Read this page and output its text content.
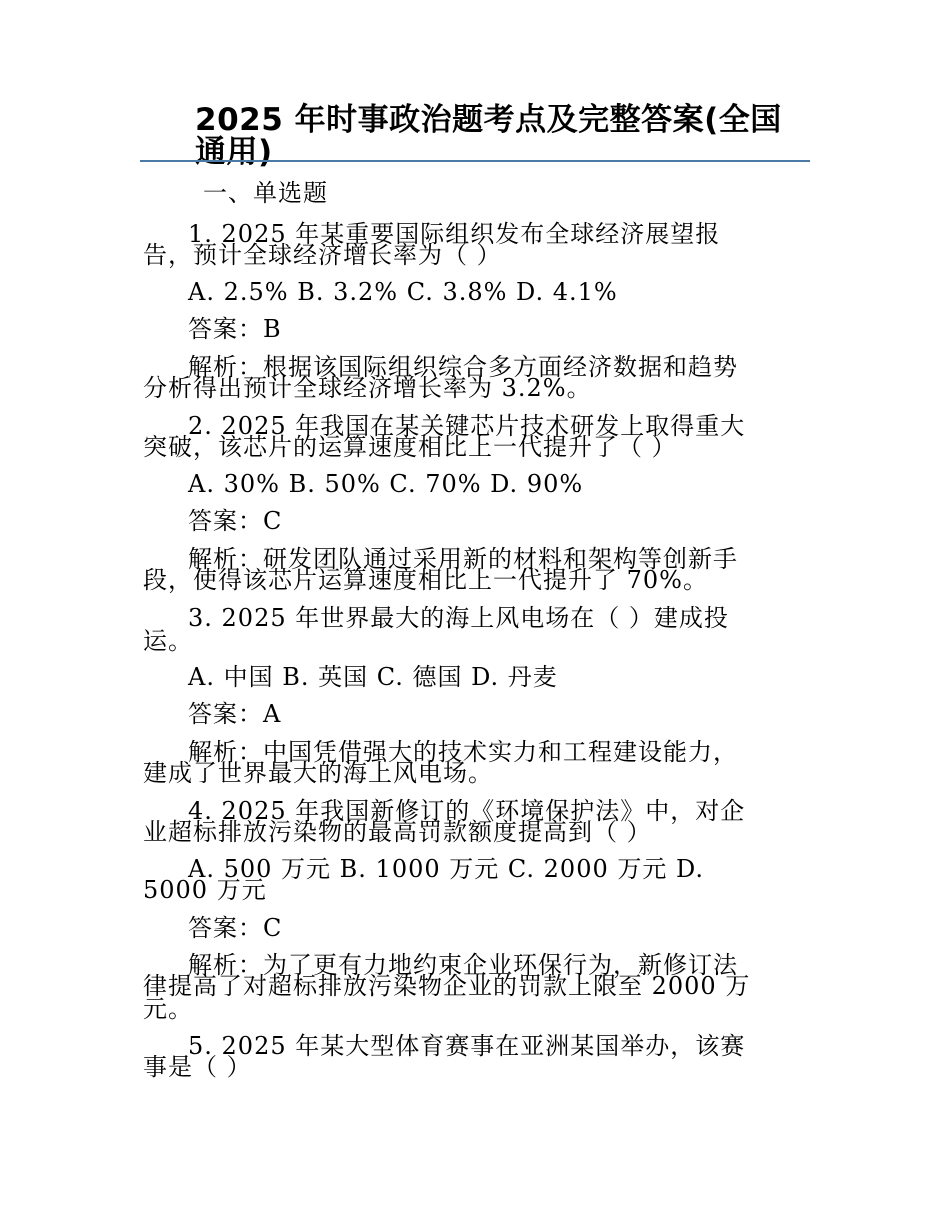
2025 年时事政治题考点及完整答案(全国通用)
一、单选题
1. 2025 年某重要国际组织发布全球经济展望报
告，预计全球经济增长率为（ ）
A. 2.5% B. 3.2% C. 3.8% D. 4.1%
答案：B
解析：根据该国际组织综合多方面经济数据和趋势
分析得出预计全球经济增长率为 3.2%。
2. 2025 年我国在某关键芯片技术研发上取得重大
突破，该芯片的运算速度相比上一代提升了（ ）
A. 30% B. 50% C. 70% D. 90%
答案：C
解析：研发团队通过采用新的材料和架构等创新手
段，使得该芯片运算速度相比上一代提升了 70%。
3. 2025 年世界最大的海上风电场在（ ）建成投
运。
A. 中国 B. 英国 C. 德国 D. 丹麦
答案：A
解析：中国凭借强大的技术实力和工程建设能力，
建成了世界最大的海上风电场。
4. 2025 年我国新修订的《环境保护法》中，对企
业超标排放污染物的最高罚款额度提高到（ ）
A. 500 万元 B. 1000 万元 C. 2000 万元 D.
5000 万元
答案：C
解析：为了更有力地约束企业环保行为，新修订法
律提高了对超标排放污染物企业的罚款上限至 2000 万
元。
5. 2025 年某大型体育赛事在亚洲某国举办，该赛
事是（ ）
